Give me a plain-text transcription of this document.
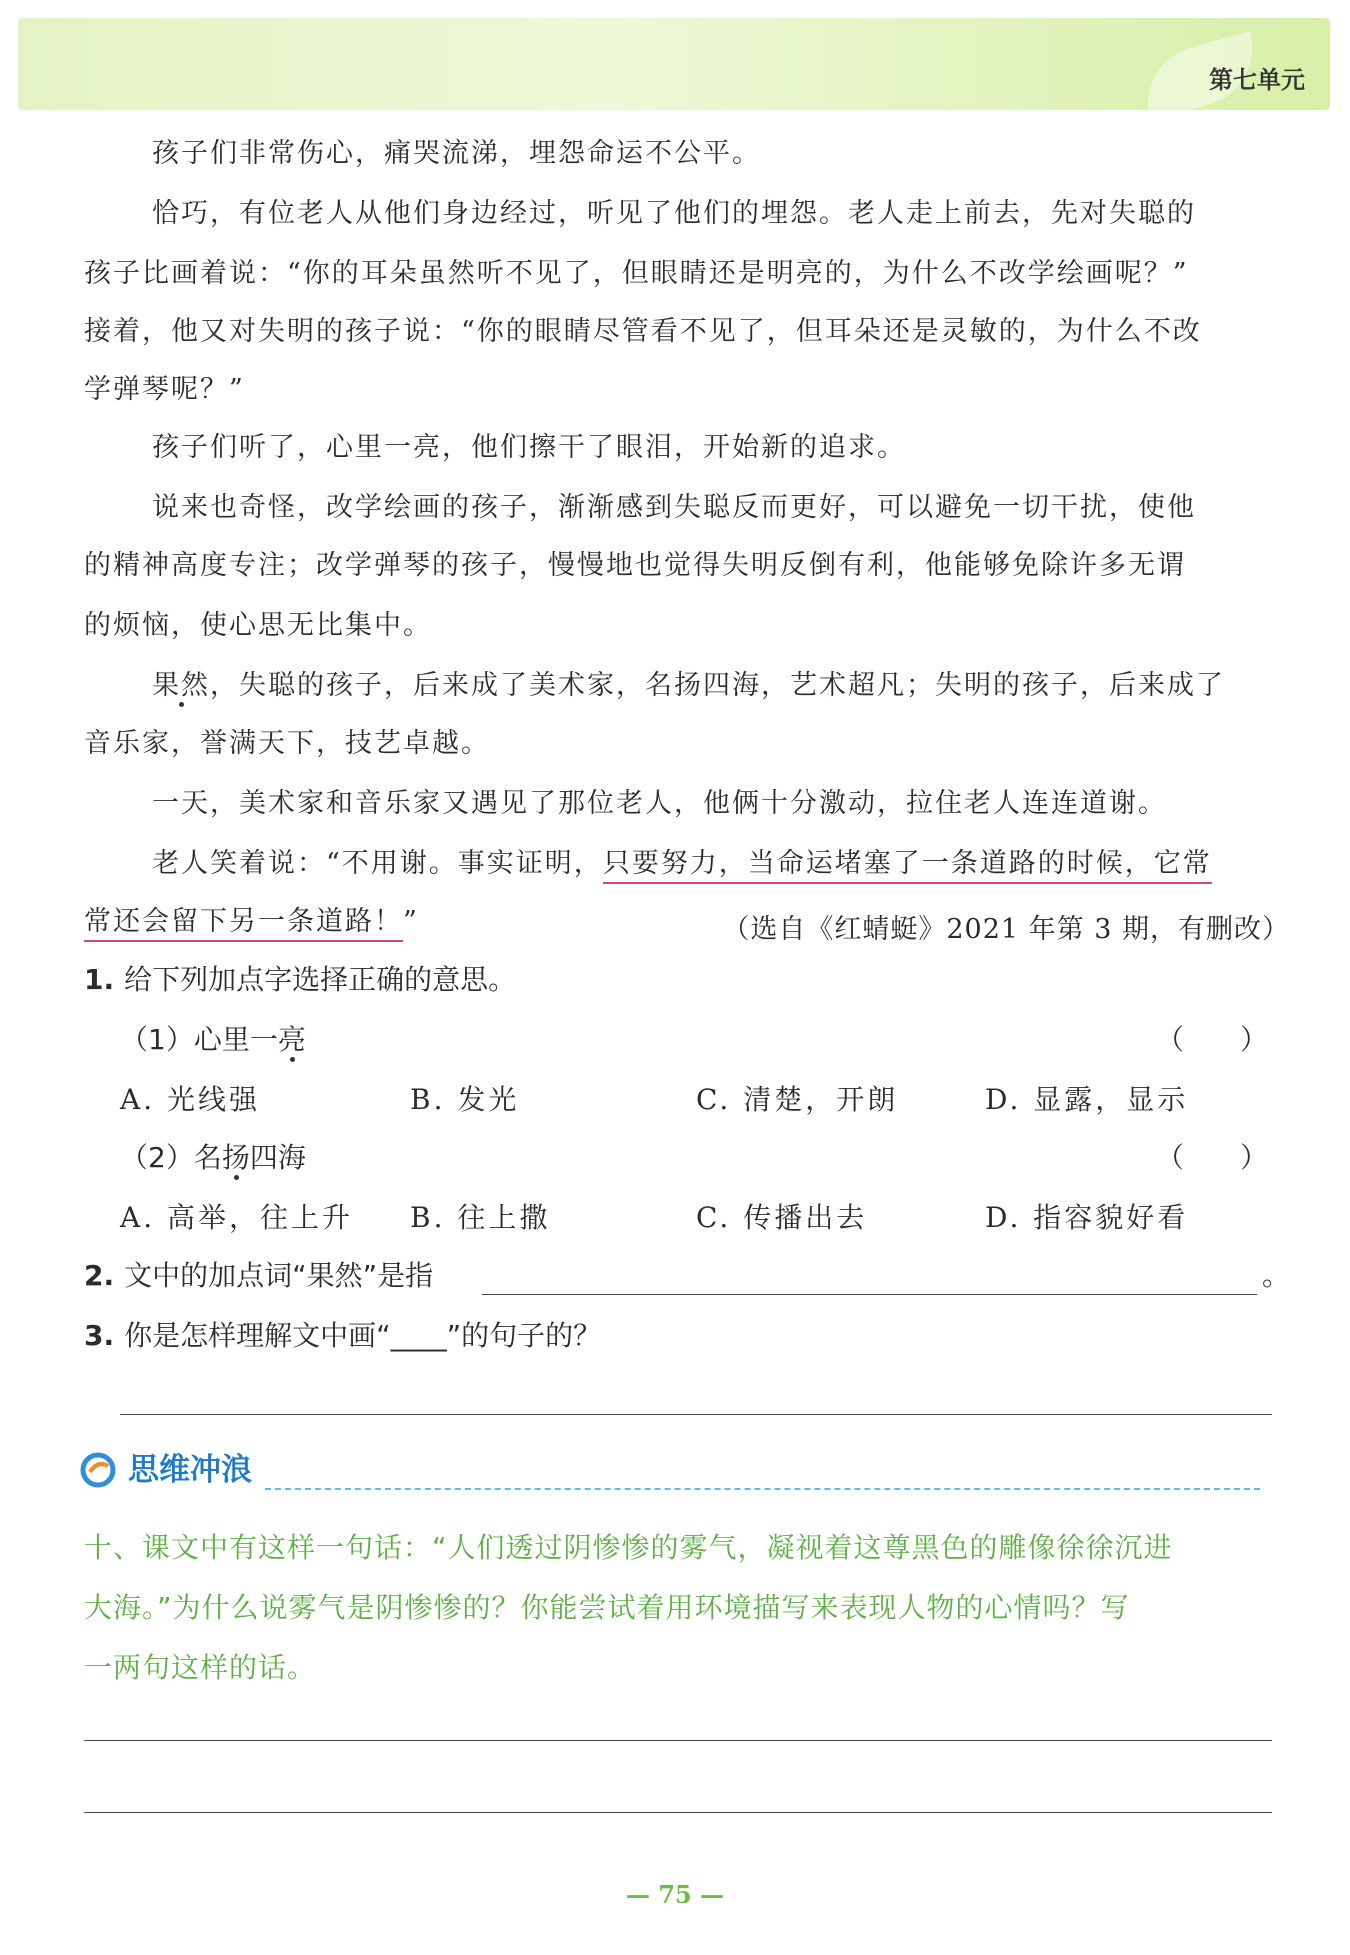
第七单元

孩子们非常伤心，痛哭流涕，埋怨命运不公平。

恰巧，有位老人从他们身边经过，听见了他们的埋怨。老人走上前去，先对失聪的

孩子比画着说：“你的耳朵虽然听不见了，但眼睛还是明亮的，为什么不改学绘画呢？”

接着，他又对失明的孩子说：“你的眼睛尽管看不见了，但耳朵还是灵敏的，为什么不改

学弹琴呢？”

孩子们听了，心里一亮，他们擦干了眼泪，开始新的追求。

说来也奇怪，改学绘画的孩子，渐渐感到失聪反而更好，可以避免一切干扰，使他

的精神高度专注；改学弹琴的孩子，慢慢地也觉得失明反倒有利，他能够免除许多无谓

的烦恼，使心思无比集中。

果然，失聪的孩子，后来成了美术家，名扬四海，艺术超凡；失明的孩子，后来成了

音乐家，誉满天下，技艺卓越。

一天，美术家和音乐家又遇见了那位老人，他俩十分激动，拉住老人连连道谢。

老人笑着说：“不用谢。事实证明，只要努力，当命运堵塞了一条道路的时候，它常

常还会留下另一条道路！”	（选自《红蜻蜓》2021 年第 3 期，有删改）
1. 给下列加点字选择正确的意思。
（1）心里一亮	（　　）
A. 光线强	B. 发光	C. 清楚，开朗	D. 显露，显示
（2）名扬四海	（　　）
A. 高举，往上升 B. 往上撒	C. 传播出去	D. 指容貌好看
2. 文中的加点词“果然”是指	。
3. 你是怎样理解文中画“____”的句子的？
思维冲浪
十、课文中有这样一句话：“人们透过阴惨惨的雾气，凝视着这尊黑色的雕像徐徐沉进
大海。”为什么说雾气是阴惨惨的？你能尝试着用环境描写来表现人物的心情吗？写
一两句这样的话。
— 75 —
